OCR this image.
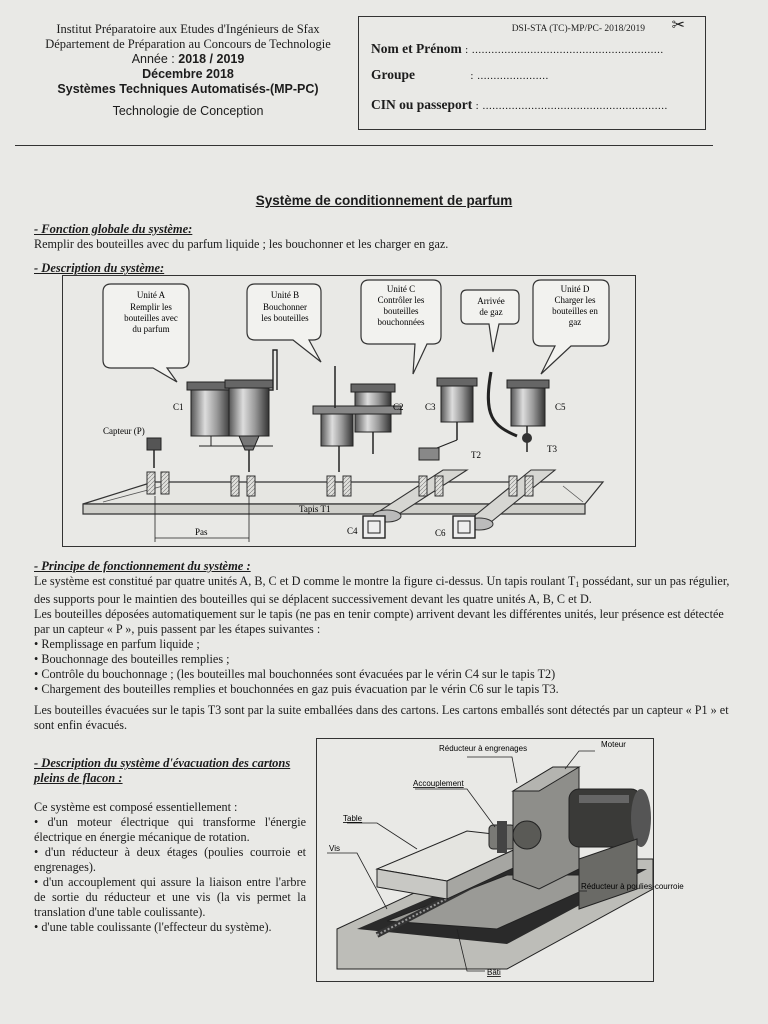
Institut Préparatoire aux Etudes d'Ingénieurs de Sfax
Département de Préparation au Concours de Technologie
Année : 2018 / 2019
Décembre 2018
Systèmes Techniques Automatisés-(MP-PC)
Technologie de Conception
DSI-STA (TC)-MP/PC- 2018/2019 ✂
Nom et Prénom : ...........................................................
Groupe	: ......................
CIN ou passeport : .........................................................
Système de conditionnement de parfum
- Fonction globale du système:
Remplir des bouteilles avec du parfum liquide ; les bouchonner et les charger en gaz.
- Description du système:
Unité A
Remplir les bouteilles avec du parfum
Unité B
Bouchonner les bouteilles
Unité C
Contrôler les bouteilles bouchonnées
Arrivée de gaz
Unité D
Charger les bouteilles en gaz
Capteur (P)
C1	C2 C3	C5
C4	C6
T2
T3
Tapis T1
Pas
- Principe de fonctionnement du système :
Le système est constitué par quatre unités A, B, C et D comme le montre la figure ci-dessus. Un tapis roulant $T_1$ possédant, sur un pas régulier, des supports pour le maintien des bouteilles qui se déplacent successivement devant les quatre unités A, B, C et D.
Les bouteilles déposées automatiquement sur le tapis (ne pas en tenir compte) arrivent devant les différentes unités, leur présence est détectée par un capteur « P », puis passent par les étapes suivantes :
• Remplissage en parfum liquide ;
• Bouchonnage des bouteilles remplies ;
• Contrôle du bouchonnage ; (les bouteilles mal bouchonnées sont évacuées par le vérin C4 sur le tapis T2)
• Chargement des bouteilles remplies et bouchonnées en gaz puis évacuation par le vérin C6 sur le tapis T3.
Les bouteilles évacuées sur le tapis T3 sont par la suite emballées dans des cartons. Les cartons emballés sont détectés par un capteur « P1 » et sont enfin évacués.
- Description du système d'évacuation des cartons pleins de flacon :
Ce système est composé essentiellement :
• d'un moteur électrique qui transforme l'énergie électrique en énergie mécanique de rotation.
• d'un réducteur à deux étages (poulies courroie et engrenages).
• d'un accouplement qui assure la liaison entre l'arbre de sortie du réducteur et une vis (la vis permet la translation d'une table coulissante).
• d'une table coulissante (l'effecteur du système).
Réducteur à engrenages	Moteur
Accouplement
Table
Vis
Réducteur à poulies-courroie
Bâti
